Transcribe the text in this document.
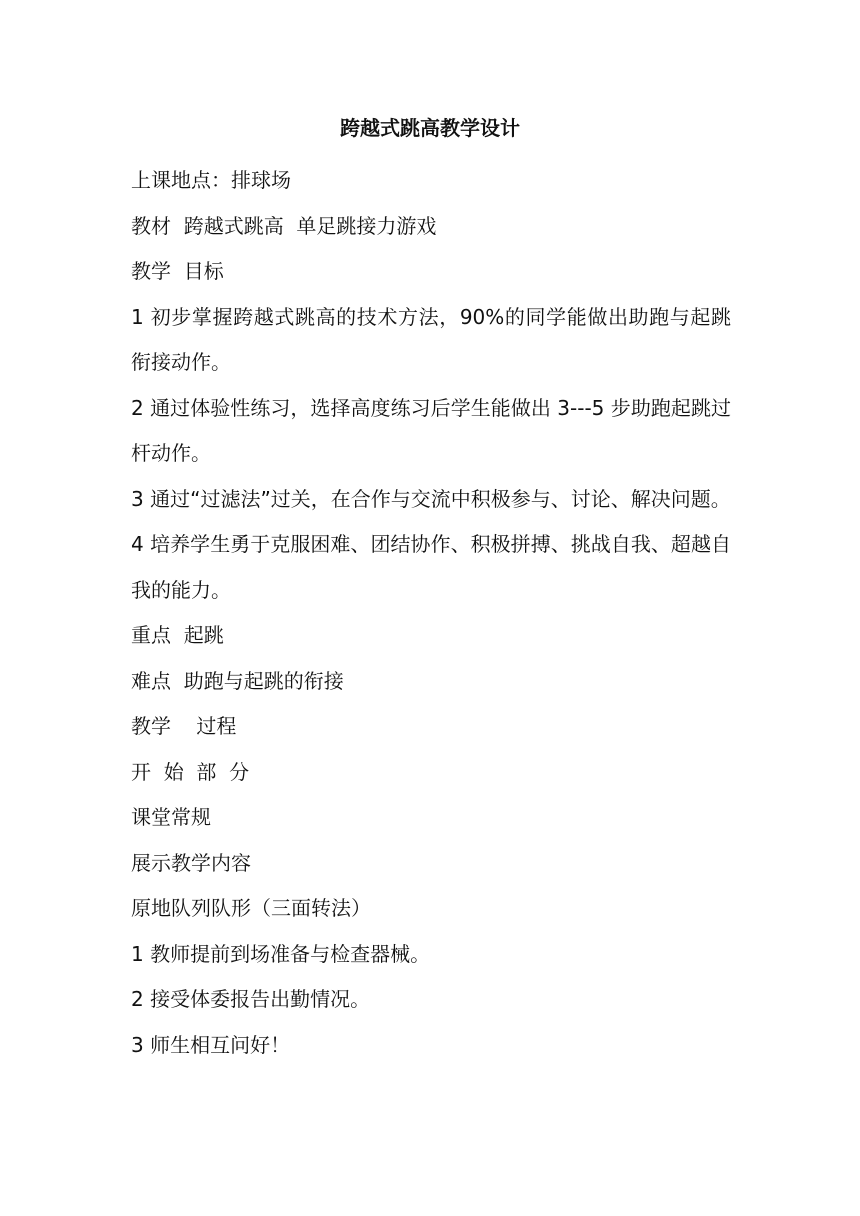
跨越式跳高教学设计

上课地点：排球场

教材  跨越式跳高  单足跳接力游戏

教学  目标

1 初步掌握跨越式跳高的技术方法，90%的同学能做出助跑与起跳衔接动作。

2 通过体验性练习，选择高度练习后学生能做出 3---5 步助跑起跳过杆动作。

3 通过“过滤法”过关，在合作与交流中积极参与、讨论、解决问题。

4 培养学生勇于克服困难、团结协作、积极拼搏、挑战自我、超越自我的能力。

重点  起跳

难点  助跑与起跳的衔接

教学    过程

开  始  部  分

课堂常规

展示教学内容

原地队列队形（三面转法）

1 教师提前到场准备与检查器械。

2 接受体委报告出勤情况。

3 师生相互问好！
